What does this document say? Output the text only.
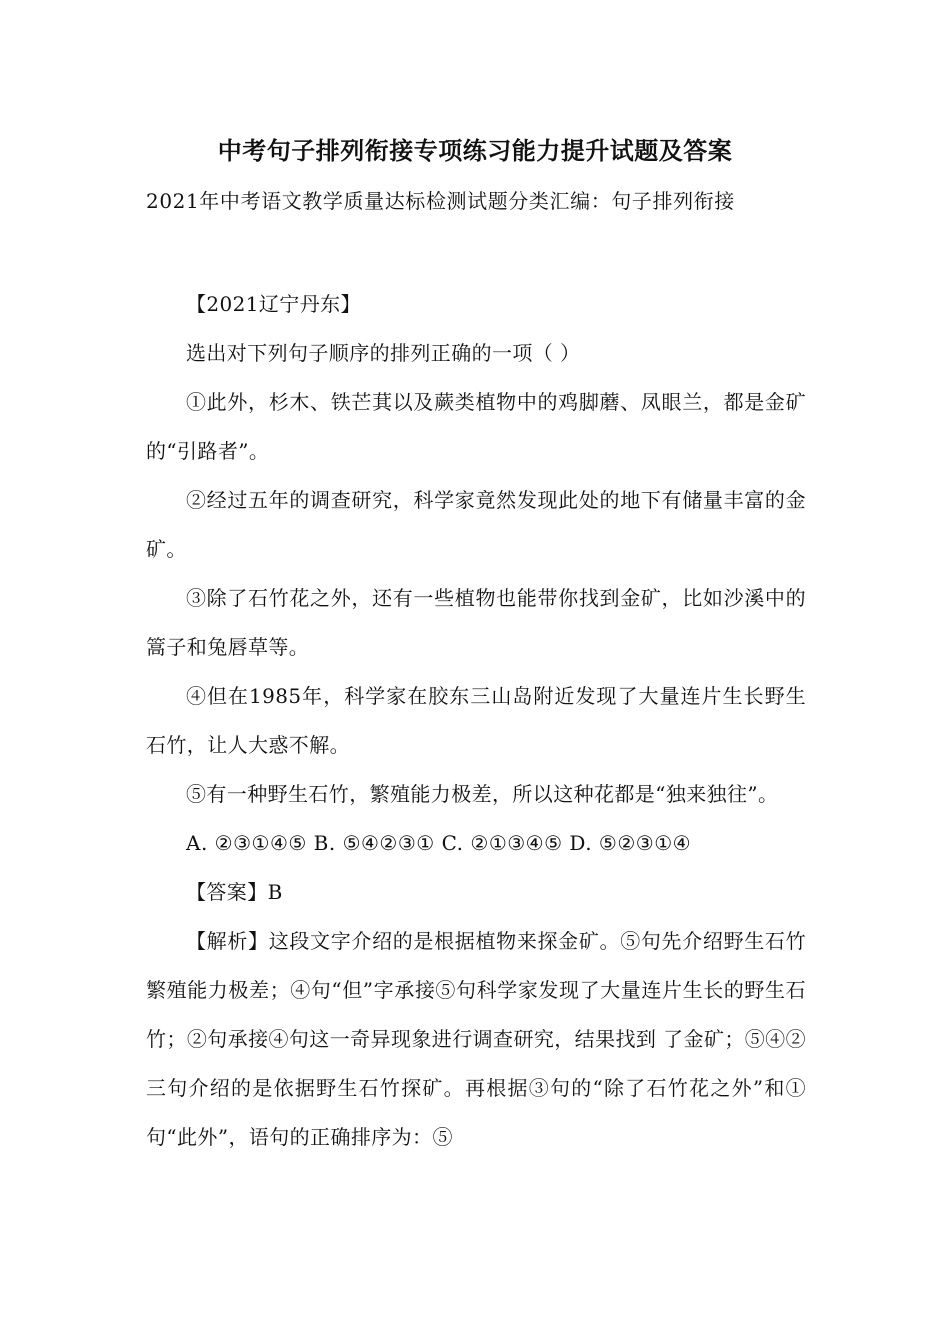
中考句子排列衔接专项练习能力提升试题及答案
2021年中考语文教学质量达标检测试题分类汇编：句子排列衔接

【2021辽宁丹东】

选出对下列句子顺序的排列正确的一项（ ）

①此外，杉木、铁芒萁以及蕨类植物中的鸡脚蘑、凤眼兰，都是金矿的“引路者”。

②经过五年的调查研究，科学家竟然发现此处的地下有储量丰富的金矿。

③除了石竹花之外，还有一些植物也能带你找到金矿，比如沙溪中的篙子和兔唇草等。

④但在1985年，科学家在胶东三山岛附近发现了大量连片生长野生石竹，让人大惑不解。

⑤有一种野生石竹，繁殖能力极差，所以这种花都是“独来独往”。

A. ②③①④⑤ B. ⑤④②③① C. ②①③④⑤ D. ⑤②③①④

【答案】B

【解析】这段文字介绍的是根据植物来探金矿。⑤句先介绍野生石竹繁殖能力极差；④句“但”字承接⑤句科学家发现了大量连片生长的野生石竹；②句承接④句这一奇异现象进行调查研究，结果找到 了金矿；⑤④②三句介绍的是依据野生石竹探矿。再根据③句的“除了石竹花之外”和①句“此外”，语句的正确排序为：⑤
